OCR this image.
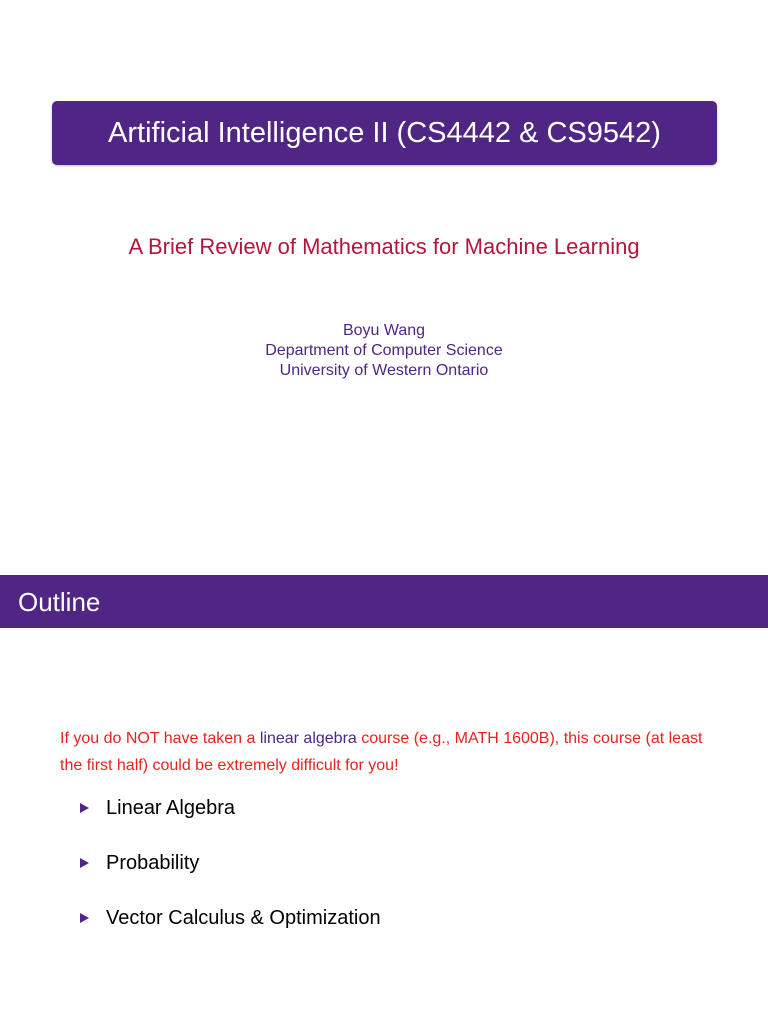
Artificial Intelligence II (CS4442 & CS9542)
A Brief Review of Mathematics for Machine Learning
Boyu Wang
Department of Computer Science
University of Western Ontario
Outline
If you do NOT have taken a linear algebra course (e.g., MATH 1600B), this course (at least the first half) could be extremely difficult for you!
Linear Algebra
Probability
Vector Calculus & Optimization
